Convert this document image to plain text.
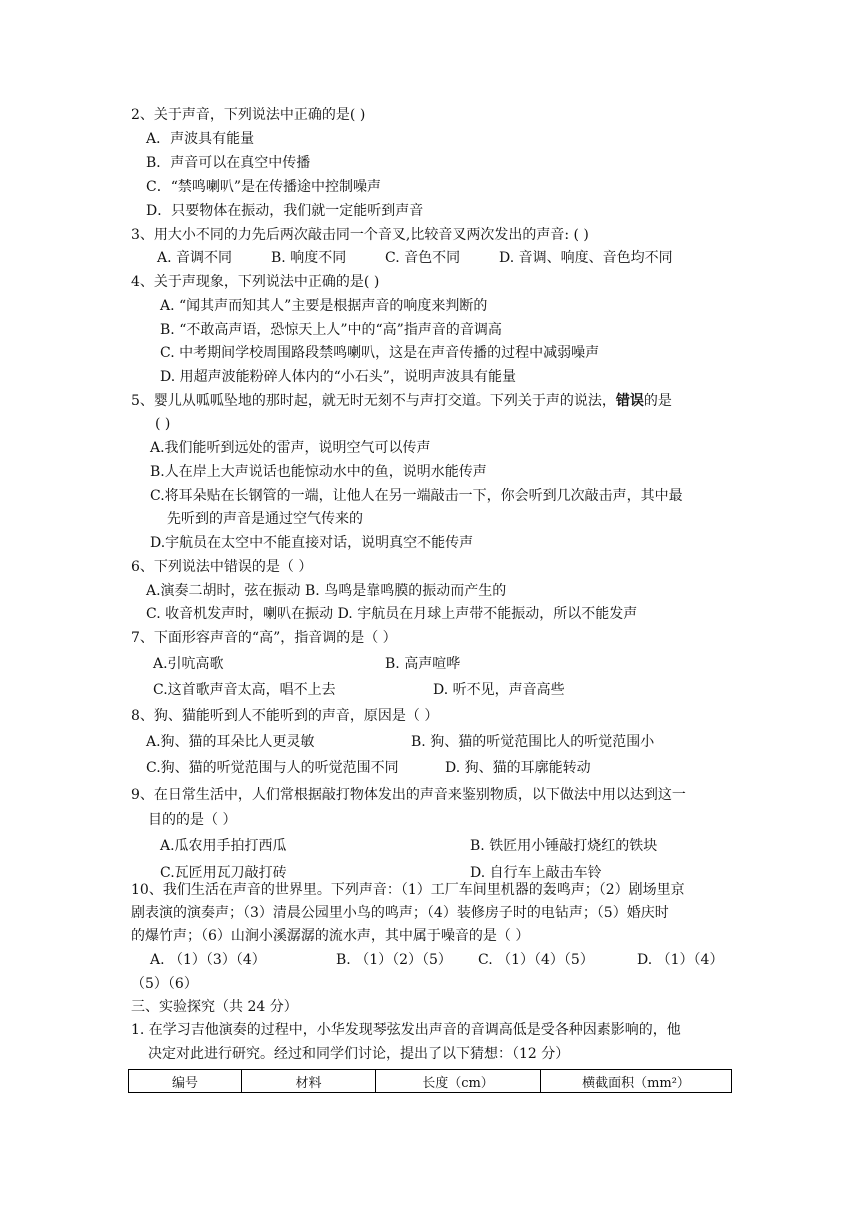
2、关于声音，下列说法中正确的是( )
A．声波具有能量
B．声音可以在真空中传播
C．“禁鸣喇叭”是在传播途中控制噪声
D．只要物体在振动，我们就一定能听到声音
3、用大小不同的力先后两次敲击同一个音叉,比较音叉两次发出的声音: ( )
A. 音调不同	B. 响度不同	C. 音色不同	D. 音调、响度、音色均不同
4、关于声现象，下列说法中正确的是( )
A. “闻其声而知其人”主要是根据声音的响度来判断的
B. “不敢高声语，恐惊天上人”中的“高”指声音的音调高
C. 中考期间学校周围路段禁鸣喇叭，这是在声音传播的过程中减弱噪声
D. 用超声波能粉碎人体内的“小石头”，说明声波具有能量
5、婴儿从呱呱坠地的那时起，就无时无刻不与声打交道。下列关于声的说法，错误的是
( )
A.我们能听到远处的雷声，说明空气可以传声
B.人在岸上大声说话也能惊动水中的鱼，说明水能传声
C.将耳朵贴在长钢管的一端，让他人在另一端敲击一下，你会听到几次敲击声，其中最
先听到的声音是通过空气传来的
D.宇航员在太空中不能直接对话，说明真空不能传声
6、下列说法中错误的是（ ）
A.演奏二胡时，弦在振动 B. 鸟鸣是靠鸣膜的振动而产生的
C. 收音机发声时，喇叭在振动 D. 宇航员在月球上声带不能振动，所以不能发声
7、下面形容声音的“高”，指音调的是（ ）
A.引吭高歌	B. 高声喧哗
C.这首歌声音太高，唱不上去	D. 听不见，声音高些
8、狗、猫能听到人不能听到的声音，原因是（ ）
A.狗、猫的耳朵比人更灵敏	B. 狗、猫的听觉范围比人的听觉范围小
C.狗、猫的听觉范围与人的听觉范围不同	D. 狗、猫的耳廓能转动
9、在日常生活中，人们常根据敲打物体发出的声音来鉴别物质，以下做法中用以达到这一
目的的是（ ）
A.瓜农用手拍打西瓜	B. 铁匠用小锤敲打烧红的铁块
C.瓦匠用瓦刀敲打砖	D. 自行车上敲击车铃
10、我们生活在声音的世界里。下列声音：（1）工厂车间里机器的轰鸣声；（2）剧场里京
剧表演的演奏声；（3）清晨公园里小鸟的鸣声；（4）装修房子时的电钻声；（5）婚庆时
的爆竹声；（6）山涧小溪潺潺的流水声，其中属于噪音的是（ ）
A. （1）（3）（4）	B. （1）（2）（5） C. （1）（4）（5）	D. （1）（4）
（5）（6）
三、实验探究（共 24 分）
1. 在学习吉他演奏的过程中，小华发现琴弦发出声音的音调高低是受各种因素影响的，他
编号	材料	长度（cm）	横截面积（mm²）
决定对此进行研究。经过和同学们讨论，提出了以下猜想：（12 分）
